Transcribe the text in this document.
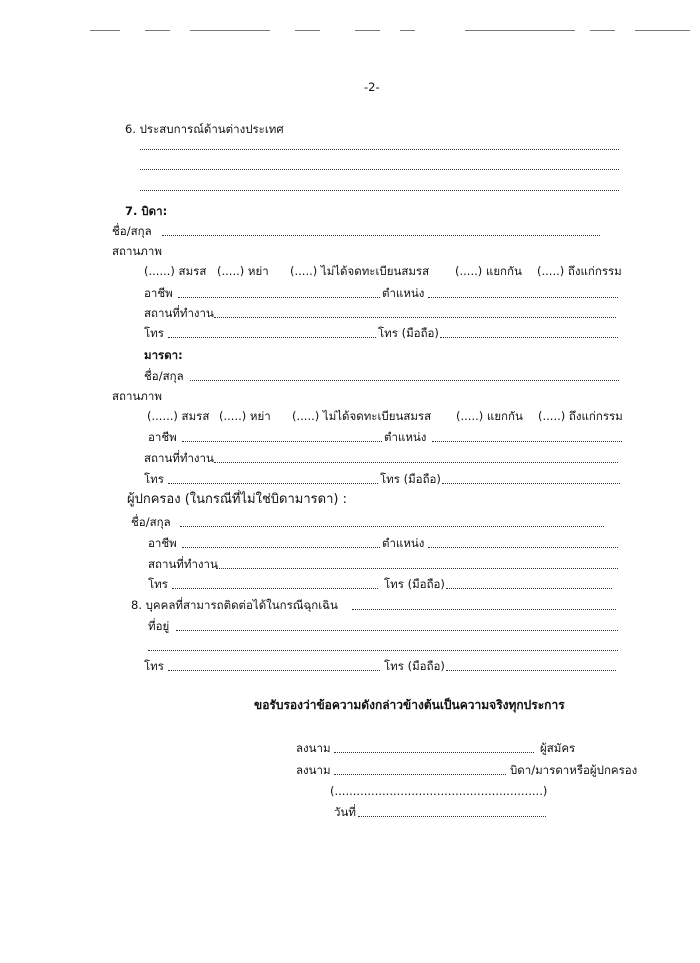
-2-
6. ประสบการณ์ด้านต่างประเทศ
7. บิดา:
ชื่อ/สกุล
สถานภาพ
(......) สมรส (.....) หย่า (.....) ไม่ได้จดทะเบียนสมรส (.....) แยกกัน (.....) ถึงแก่กรรม
อาชีพ	ตำแหน่ง
สถานที่ทำงาน
โทร	โทร (มือถือ)
มารดา:
ชื่อ/สกุล
สถานภาพ
(......) สมรส (.....) หย่า (.....) ไม่ได้จดทะเบียนสมรส (.....) แยกกัน (.....) ถึงแก่กรรม
อาชีพ	ตำแหน่ง
สถานที่ทำงาน
โทร	โทร (มือถือ)
ผู้ปกครอง (ในกรณีที่ไม่ใช่บิดามารดา) :
ชื่อ/สกุล
อาชีพ	ตำแหน่ง
สถานที่ทำงาน
โทร	โทร (มือถือ)
8. บุคคลที่สามารถติดต่อได้ในกรณีฉุกเฉิน
ที่อยู่
โทร	โทร (มือถือ)
ขอรับรองว่าข้อความดังกล่าวข้างต้นเป็นความจริงทุกประการ
ลงนาม	ผู้สมัคร
ลงนาม	บิดา/มารดาหรือผู้ปกครอง
(.........................................................)
วันที่
